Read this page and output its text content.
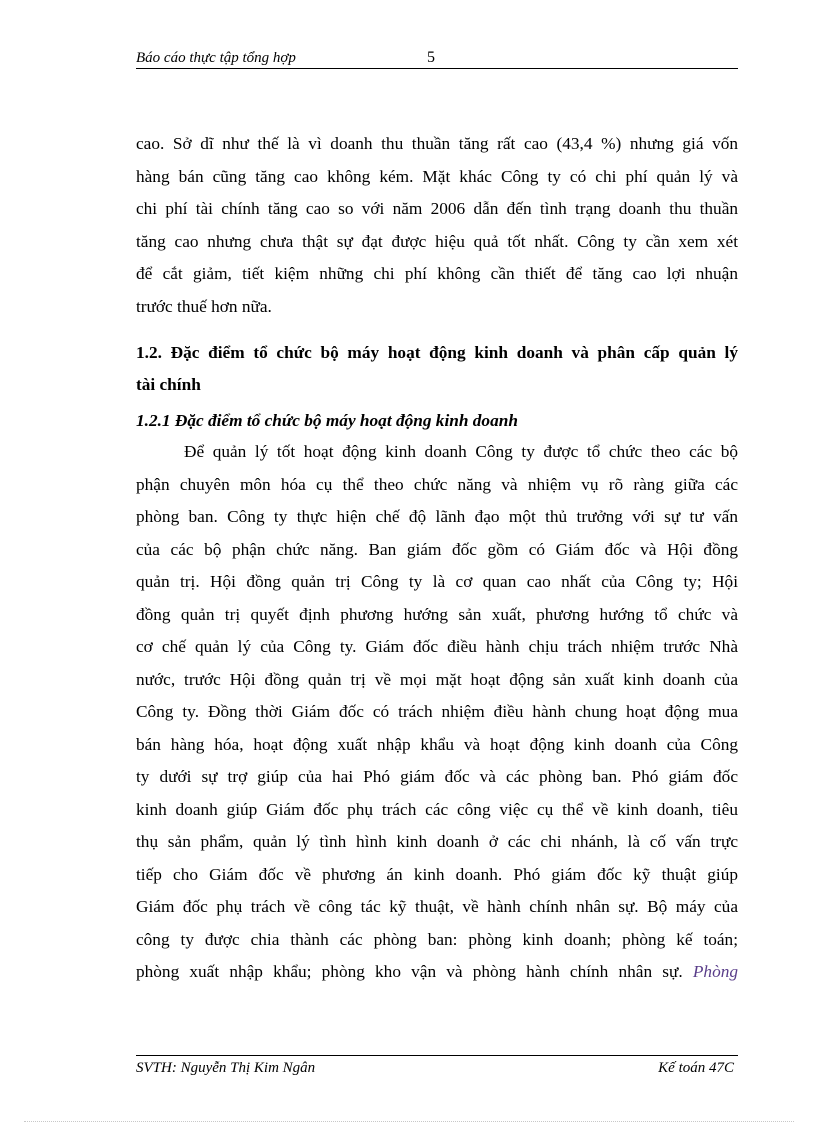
Báo cáo thực tập tổng hợp	5
cao. Sở dĩ như thế là vì doanh thu thuần tăng rất cao (43,4 %) nhưng giá vốn
hàng bán cũng tăng cao không kém. Mặt khác Công ty có chi phí quản lý và
chi phí tài chính tăng cao so với năm 2006 dẫn đến tình trạng doanh thu thuần
tăng cao nhưng chưa thật sự đạt được hiệu quả tốt nhất. Công ty cần xem xét
để cắt giảm, tiết kiệm những chi phí không cần thiết để tăng cao lợi nhuận
trước thuế hơn nữa.
1.2. Đặc điểm tổ chức bộ máy hoạt động kinh doanh và phân cấp quản lý
tài chính
1.2.1 Đặc điểm tổ chức bộ máy hoạt động kinh doanh
Để quản lý tốt hoạt động kinh doanh Công ty được tổ chức theo các bộ
phận chuyên môn hóa cụ thể theo chức năng và nhiệm vụ rõ ràng giữa các
phòng ban. Công ty thực hiện chế độ lãnh đạo một thủ trưởng với sự tư vấn
của các bộ phận chức năng. Ban giám đốc gồm có Giám đốc và Hội đồng
quản trị. Hội đồng quản trị Công ty là cơ quan cao nhất của Công ty; Hội
đồng quản trị quyết định phương hướng sản xuất, phương hướng tổ chức và
cơ chế quản lý của Công ty. Giám đốc điều hành chịu trách nhiệm trước Nhà
nước, trước Hội đồng quản trị về mọi mặt hoạt động sản xuất kinh doanh của
Công ty. Đồng thời Giám đốc có trách nhiệm điều hành chung hoạt động mua
bán hàng hóa, hoạt động xuất nhập khẩu và hoạt động kinh doanh của Công
ty dưới sự trợ giúp của hai Phó giám đốc và các phòng ban. Phó giám đốc
kinh doanh giúp Giám đốc phụ trách các công việc cụ thể về kinh doanh, tiêu
thụ sản phẩm, quản lý tình hình kinh doanh ở các chi nhánh, là cố vấn trực
tiếp cho Giám đốc về phương án kinh doanh. Phó giám đốc kỹ thuật giúp
Giám đốc phụ trách về công tác kỹ thuật, về hành chính nhân sự. Bộ máy của
công ty được chia thành các phòng ban: phòng kinh doanh; phòng kế toán;
phòng xuất nhập khẩu; phòng kho vận và phòng hành chính nhân sự. Phòng
SVTH: Nguyễn Thị Kim Ngân	Kế toán 47C
